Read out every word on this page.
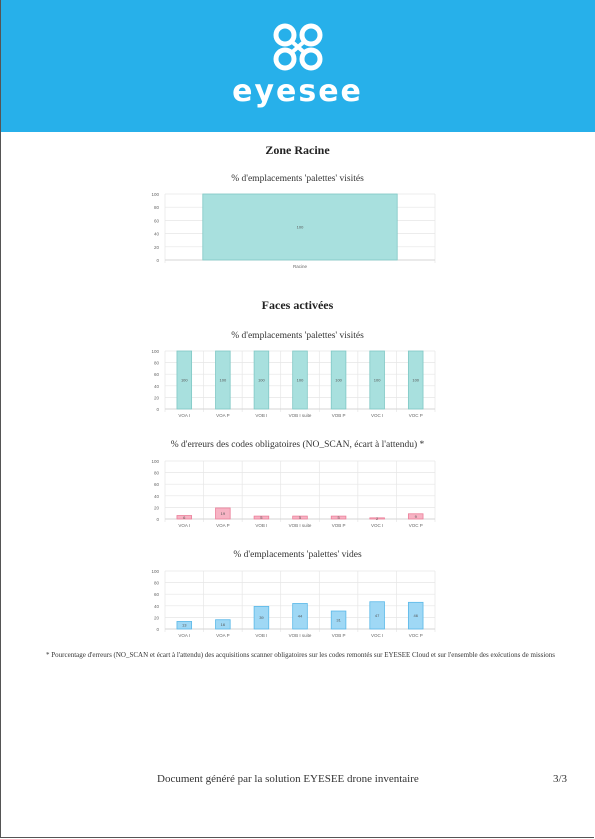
eyesee
Zone Racine
% d'emplacements 'palettes' visités
0
20
40
60
80
100
100
Racine
Faces activées
% d'emplacements 'palettes' visités
0
20
40
60
80
100
100
VOA I
100
VOA P
100
VOB I
100
VOB I suite
100
VOB P
100
VOC I
100
VOC P
% d'erreurs des codes obligatoires (NO_SCAN, écart à l'attendu) *
0
20
40
60
80
100
6
VOA I
19
VOA P
5
VOB I
5
VOB I suite
5
VOB P
2
VOC I
9
VOC P
% d'emplacements 'palettes' vides
0
20
40
60
80
100
13
VOA I
16
VOA P
39
VOB I
44
VOB I suite
31
VOB P
47
VOC I
46
VOC P
* Pourcentage d'erreurs (NO_SCAN et écart à l'attendu) des acquisitions scanner obligatoires sur les codes remontés sur EYESEE Cloud et sur l'ensemble des exécutions de missions
Document généré par la solution EYESEE drone inventaire	3/3
